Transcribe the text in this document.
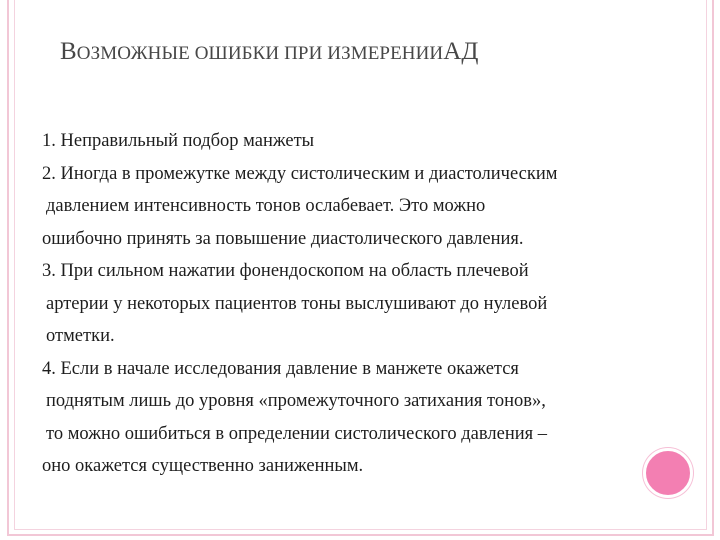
ВОЗМОЖНЫЕ ОШИБКИ ПРИ ИЗМЕРЕНИИАД
1. Неправильный подбор манжеты
2. Иногда в промежутке между систолическим и диастолическим
давлением интенсивность тонов ослабевает. Это можно
ошибочно принять за повышение диастолического давления.
3. При сильном нажатии фонендоскопом на область плечевой
артерии у некоторых пациентов тоны выслушивают до нулевой
отметки.
4. Если в начале исследования давление в манжете окажется
поднятым лишь до уровня «промежуточного затихания тонов»,
то можно ошибиться в определении систолического давления –
оно окажется существенно заниженным.
